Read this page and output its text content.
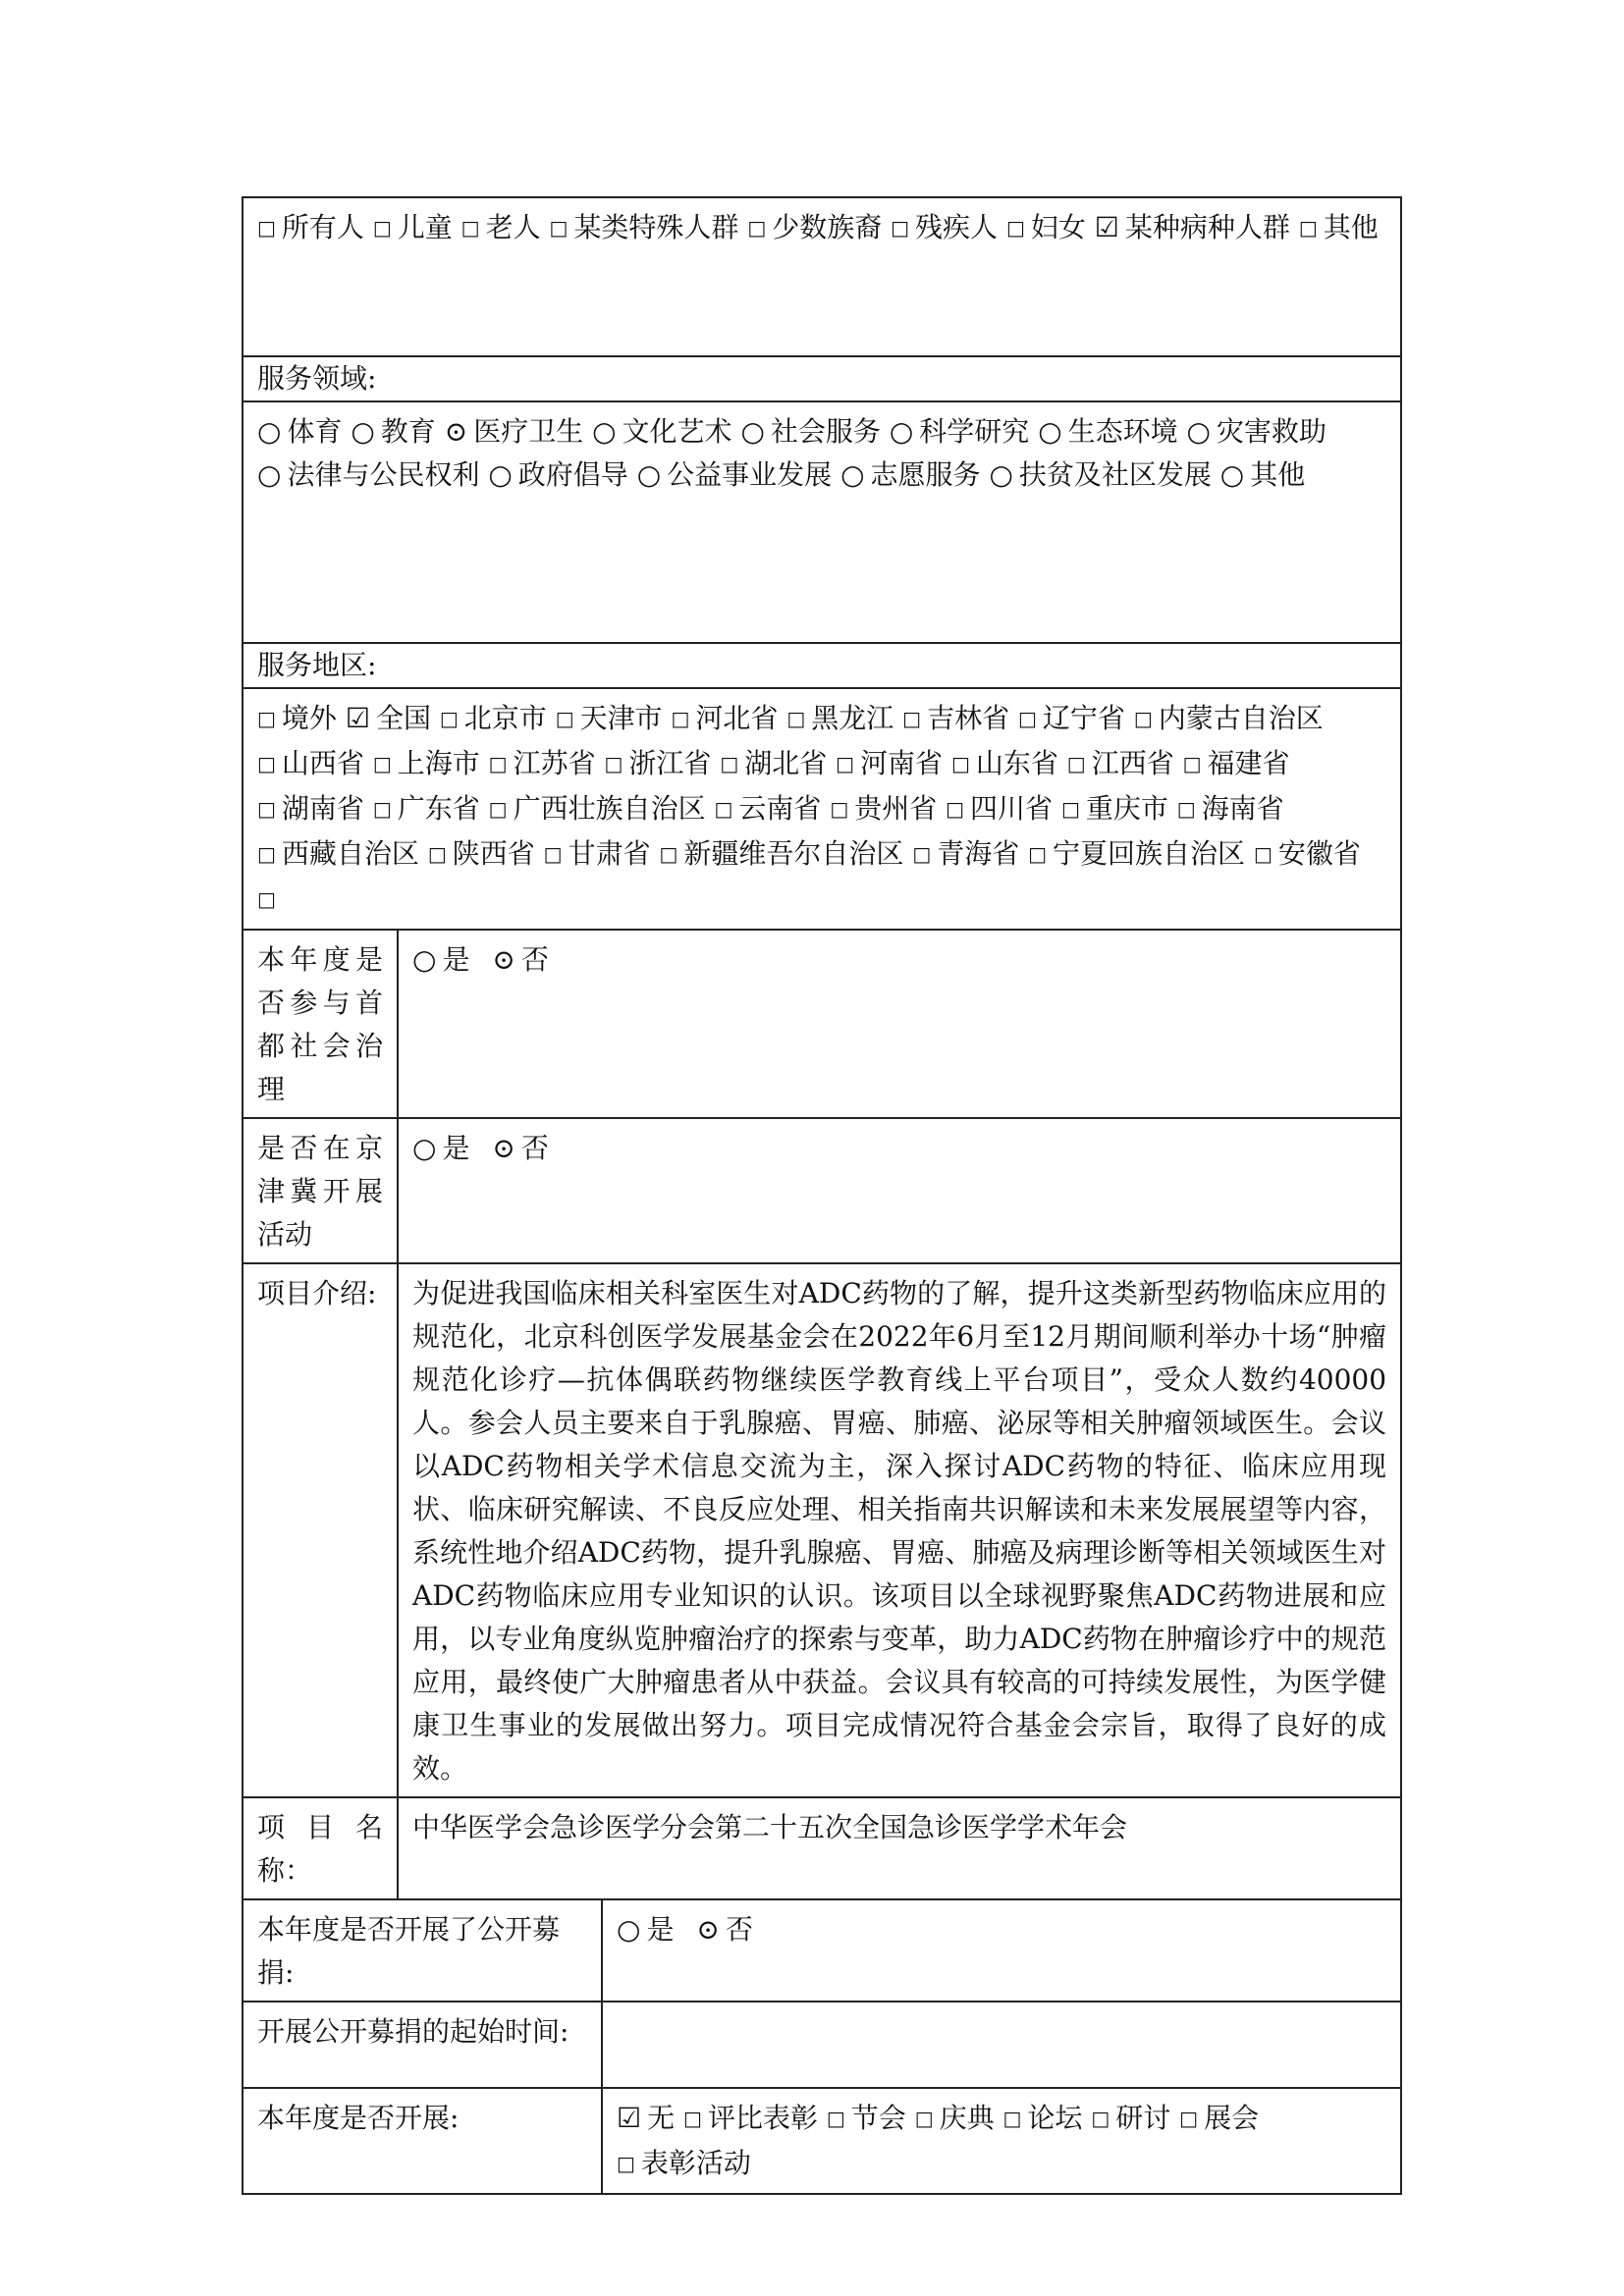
□ 所有人 □ 儿童 □ 老人 □ 某类特殊人群 □ 少数族裔 □ 残疾人 □ 妇女 ☑ 某种病种人群 □ 其他		

服务领域:		

○ 体育 ○ 教育 ⊙ 医疗卫生 ○ 文化艺术 ○ 社会服务 ○ 科学研究 ○ 生态环境 ○ 灾害救助 ○ 法律与公民权利 ○ 政府倡导 ○ 公益事业发展 ○ 志愿服务 ○ 扶贫及社区发展 ○ 其他		

服务地区:		

□ 境外 ☑ 全国 □ 北京市 □ 天津市 □ 河北省 □ 黑龙江 □ 吉林省 □ 辽宁省 □ 内蒙古自治区 □ 山西省 □ 上海市 □ 江苏省 □ 浙江省 □ 湖北省 □ 河南省 □ 山东省 □ 江西省 □ 福建省 □ 湖南省 □ 广东省 □ 广西壮族自治区 □ 云南省 □ 贵州省 □ 四川省 □ 重庆市 □ 海南省 □ 西藏自治区 □ 陕西省 □ 甘肃省 □ 新疆维吾尔自治区 □ 青海省 □ 宁夏回族自治区 □ 安徽省 □		

本年度是否参与首都社会治理	○ 是 ⊙ 否	
是否在京津冀开展活动	○ 是 ⊙ 否	
项目介绍:	为促进我国临床相关科室医生对ADC药物的了解，提升这类新型药物临床应用的规范化，北京科创医学发展基金会在2022年6月至12月期间顺利举办十场“肿瘤规范化诊疗—抗体偶联药物继续医学教育线上平台项目”，受众人数约40000人。参会人员主要来自于乳腺癌、胃癌、肺癌、泌尿等相关肿瘤领域医生。会议以ADC药物相关学术信息交流为主，深入探讨ADC药物的特征、临床应用现状、临床研究解读、不良反应处理、相关指南共识解读和未来发展展望等内容，系统性地介绍ADC药物，提升乳腺癌、胃癌、肺癌及病理诊断等相关领域医生对ADC药物临床应用专业知识的认识。该项目以全球视野聚焦ADC药物进展和应用，以专业角度纵览肿瘤治疗的探索与变革，助力ADC药物在肿瘤诊疗中的规范应用，最终使广大肿瘤患者从中获益。会议具有较高的可持续发展性，为医学健康卫生事业的发展做出努力。项目完成情况符合基金会宗旨，取得了良好的成效。	
项目名称：	中华医学会急诊医学分会第二十五次全国急诊医学学术年会	
本年度是否开展了公开募捐:		○ 是 ⊙ 否
开展公开募捐的起始时间:		
本年度是否开展:		☑ 无 □ 评比表彰 □ 节会 □ 庆典 □ 论坛 □ 研讨 □ 展会 □ 表彰活动
